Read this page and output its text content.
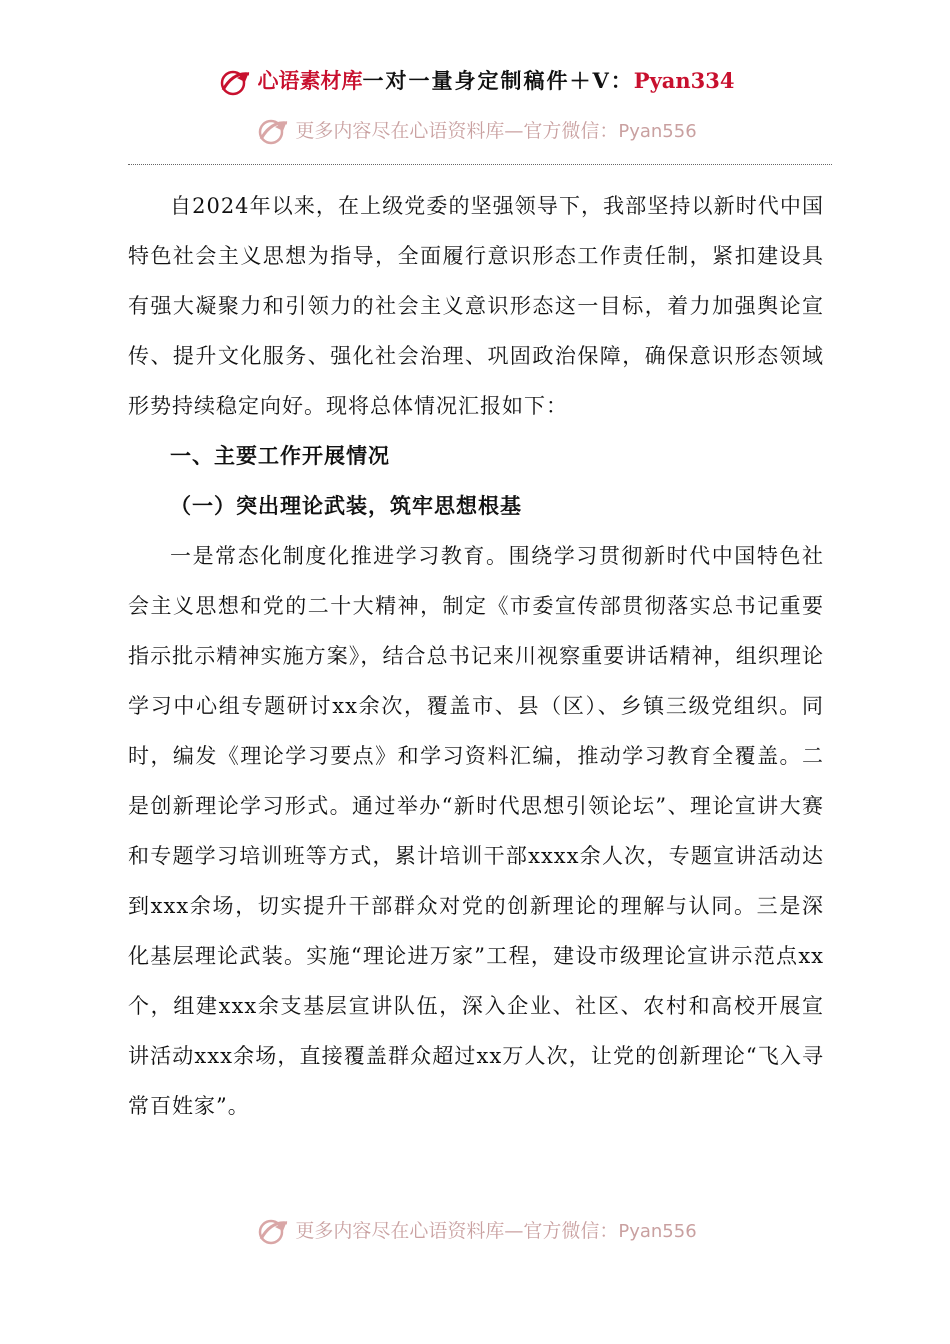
心语素材库一对一量身定制稿件＋V：Pyan334
更多内容尽在心语资料库—官方微信：Pyan556

自2024年以来，在上级党委的坚强领导下，我部坚持以新时代中国特色社会主义思想为指导，全面履行意识形态工作责任制，紧扣建设具有强大凝聚力和引领力的社会主义意识形态这一目标，着力加强舆论宣传、提升文化服务、强化社会治理、巩固政治保障，确保意识形态领域形势持续稳定向好。现将总体情况汇报如下：

一、主要工作开展情况

（一）突出理论武装，筑牢思想根基

一是常态化制度化推进学习教育。围绕学习贯彻新时代中国特色社会主义思想和党的二十大精神，制定《市委宣传部贯彻落实总书记重要指示批示精神实施方案》，结合总书记来川视察重要讲话精神，组织理论学习中心组专题研讨xx余次，覆盖市、县（区）、乡镇三级党组织。同时，编发《理论学习要点》和学习资料汇编，推动学习教育全覆盖。二是创新理论学习形式。通过举办“新时代思想引领论坛”、理论宣讲大赛和专题学习培训班等方式，累计培训干部xxxx余人次，专题宣讲活动达到xxx余场，切实提升干部群众对党的创新理论的理解与认同。三是深化基层理论武装。实施“理论进万家”工程，建设市级理论宣讲示范点xx个，组建xxx余支基层宣讲队伍，深入企业、社区、农村和高校开展宣讲活动xxx余场，直接覆盖群众超过xx万人次，让党的创新理论“飞入寻常百姓家”。

更多内容尽在心语资料库—官方微信：Pyan556
